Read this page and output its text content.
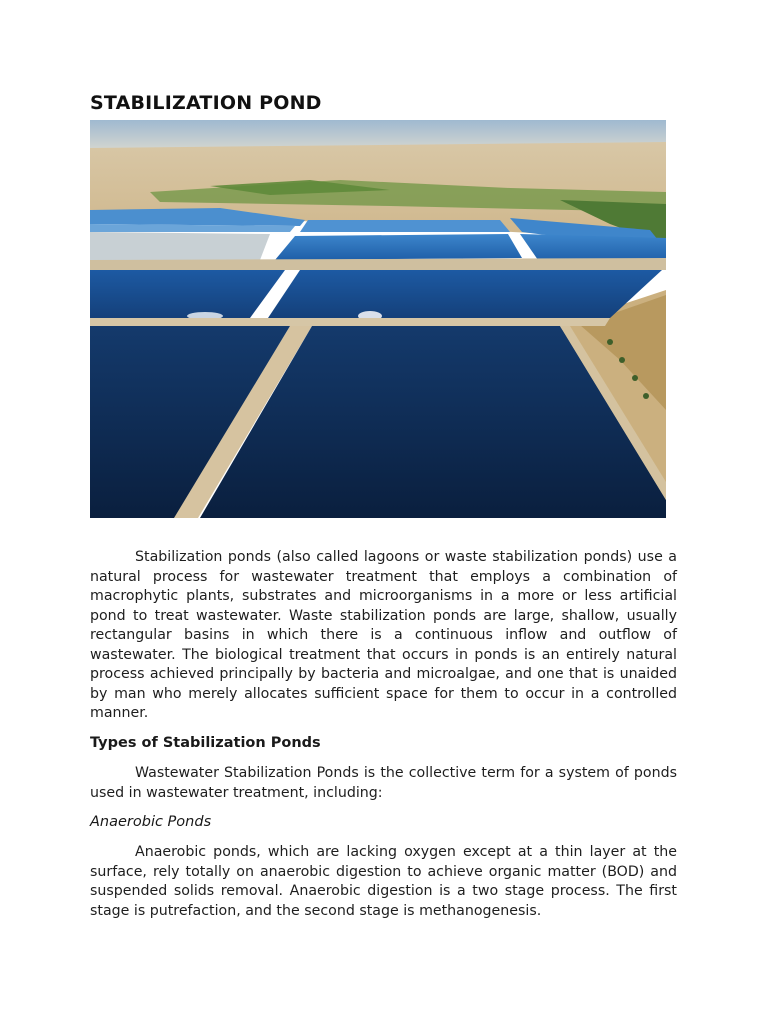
STABILIZATION POND
Stabilization ponds (also called lagoons or waste stabilization ponds) use a natural process for wastewater treatment that employs a combination of macrophytic plants, substrates and microorganisms in a more or less artificial pond to treat wastewater. Waste stabilization ponds are large, shallow, usually rectangular basins in which there is a continuous inflow and outflow of wastewater. The biological treatment that occurs in ponds is an entirely natural process achieved principally by bacteria and microalgae, and one that is unaided by man who merely allocates sufficient space for them to occur in a controlled manner.
Types of Stabilization Ponds
Wastewater Stabilization Ponds is the collective term for a system of ponds used in wastewater treatment, including:
Anaerobic Ponds
Anaerobic ponds, which are lacking oxygen except at a thin layer at the surface, rely totally on anaerobic digestion to achieve organic matter (BOD) and suspended solids removal. Anaerobic digestion is a two stage process. The first stage is putrefaction, and the second stage is methanogenesis.
